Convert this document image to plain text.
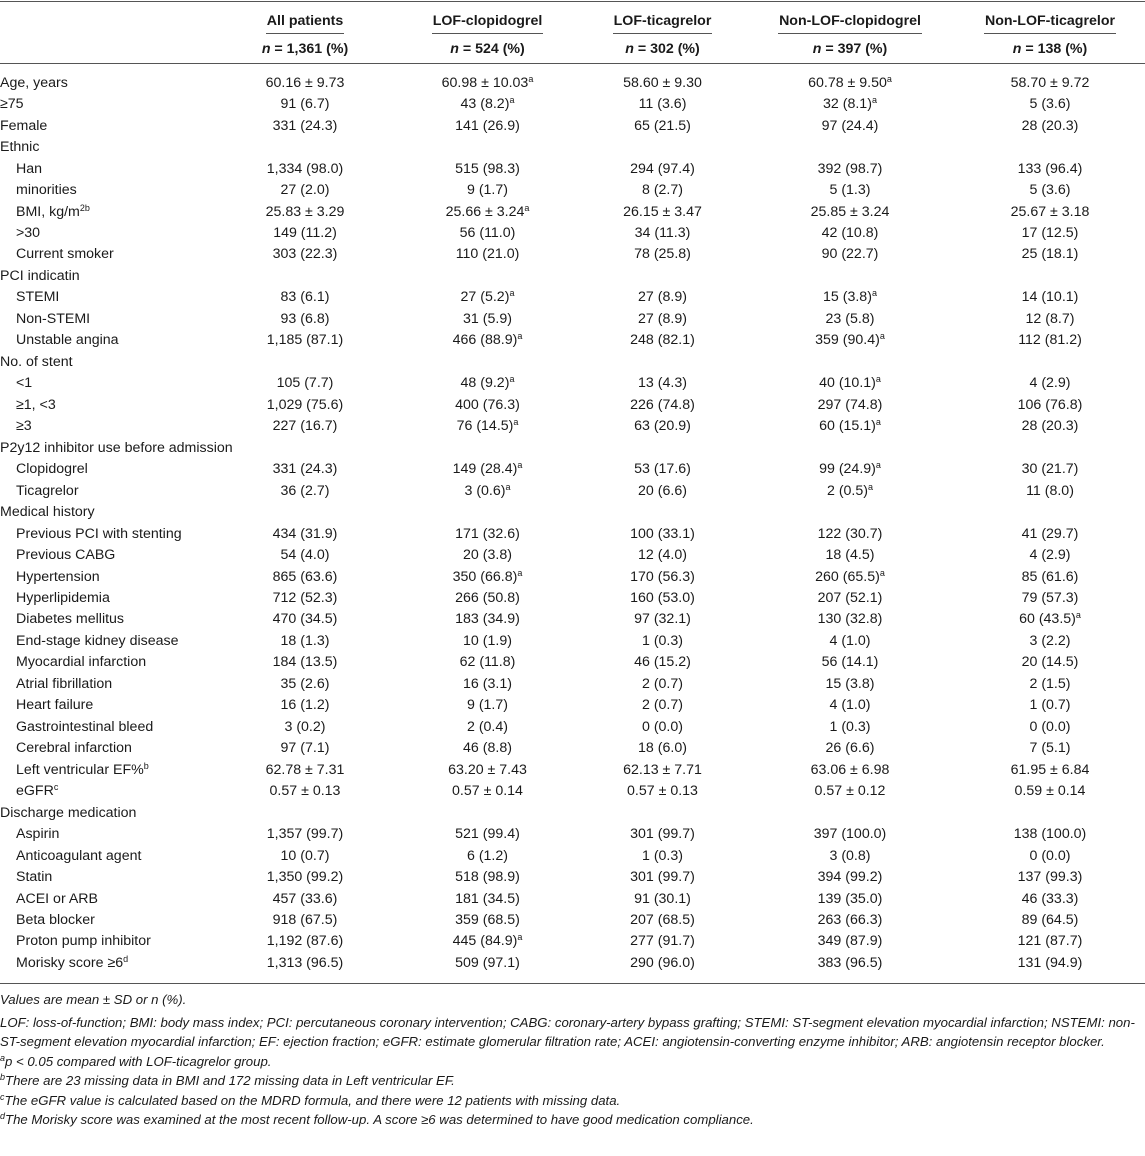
	All patients	LOF-clopidogrel	LOF-ticagrelor	Non-LOF-clopidogrel	Non-LOF-ticagrelor
	n = 1,361 (%)	n = 524 (%)	n = 302 (%)	n = 397 (%)	n = 138 (%)

Age, years	60.16 ± 9.73	60.98 ± 10.03$^a$	58.60 ± 9.30	60.78 ± 9.50$^a$	58.70 ± 9.72
≥75	91 (6.7)	43 $(8.2)^a$	11 (3.6)	32 $(8.1)^a$	5 (3.6)
Female	331 (24.3)	141 (26.9)	65 (21.5)	97 (24.4)	28 (20.3)
Ethnic					
Han	1,334 (98.0)	515 (98.3)	294 (97.4)	392 (98.7)	133 (96.4)
minorities	27 (2.0)	9 (1.7)	8 (2.7)	5 (1.3)	5 (3.6)
BMI, $kg/m^{2b}$	25.83 ± 3.29	25.66 ± 3.24$^a$	26.15 ± 3.47	25.85 ± 3.24	25.67 ± 3.18
>30	149 (11.2)	56 (11.0)	34 (11.3)	42 (10.8)	17 (12.5)
Current smoker	303 (22.3)	110 (21.0)	78 (25.8)	90 (22.7)	25 (18.1)
PCI indicatin					
STEMI	83 (6.1)	27 $(5.2)^a$	27 (8.9)	15 $(3.8)^a$	14 (10.1)
Non-STEMI	93 (6.8)	31 (5.9)	27 (8.9)	23 (5.8)	12 (8.7)
Unstable angina	1,185 (87.1)	466 $(88.9)^a$	248 (82.1)	359 $(90.4)^a$	112 (81.2)
No. of stent					
<1	105 (7.7)	48 $(9.2)^a$	13 (4.3)	40 $(10.1)^a$	4 (2.9)
≥1, <3	1,029 (75.6)	400 (76.3)	226 (74.8)	297 (74.8)	106 (76.8)
≥3	227 (16.7)	76 $(14.5)^a$	63 (20.9)	60 $(15.1)^a$	28 (20.3)
P2y12 inhibitor use before admission					
Clopidogrel	331 (24.3)	149 $(28.4)^a$	53 (17.6)	99 $(24.9)^a$	30 (21.7)
Ticagrelor	36 (2.7)	3 $(0.6)^a$	20 (6.6)	2 $(0.5)^a$	11 (8.0)
Medical history					
Previous PCI with stenting	434 (31.9)	171 (32.6)	100 (33.1)	122 (30.7)	41 (29.7)
Previous CABG	54 (4.0)	20 (3.8)	12 (4.0)	18 (4.5)	4 (2.9)
Hypertension	865 (63.6)	350 $(66.8)^a$	170 (56.3)	260 $(65.5)^a$	85 (61.6)
Hyperlipidemia	712 (52.3)	266 (50.8)	160 (53.0)	207 (52.1)	79 (57.3)
Diabetes mellitus	470 (34.5)	183 (34.9)	97 (32.1)	130 (32.8)	60 $(43.5)^a$
End-stage kidney disease	18 (1.3)	10 (1.9)	1 (0.3)	4 (1.0)	3 (2.2)
Myocardial infarction	184 (13.5)	62 (11.8)	46 (15.2)	56 (14.1)	20 (14.5)
Atrial fibrillation	35 (2.6)	16 (3.1)	2 (0.7)	15 (3.8)	2 (1.5)
Heart failure	16 (1.2)	9 (1.7)	2 (0.7)	4 (1.0)	1 (0.7)
Gastrointestinal bleed	3 (0.2)	2 (0.4)	0 (0.0)	1 (0.3)	0 (0.0)
Cerebral infarction	97 (7.1)	46 (8.8)	18 (6.0)	26 (6.6)	7 (5.1)
Left ventricular EF%$^b$	62.78 ± 7.31	63.20 ± 7.43	62.13 ± 7.71	63.06 ± 6.98	61.95 ± 6.84
eGFR$^c$	0.57 ± 0.13	0.57 ± 0.14	0.57 ± 0.13	0.57 ± 0.12	0.59 ± 0.14
Discharge medication					
Aspirin	1,357 (99.7)	521 (99.4)	301 (99.7)	397 (100.0)	138 (100.0)
Anticoagulant agent	10 (0.7)	6 (1.2)	1 (0.3)	3 (0.8)	0 (0.0)
Statin	1,350 (99.2)	518 (98.9)	301 (99.7)	394 (99.2)	137 (99.3)
ACEI or ARB	457 (33.6)	181 (34.5)	91 (30.1)	139 (35.0)	46 (33.3)
Beta blocker	918 (67.5)	359 (68.5)	207 (68.5)	263 (66.3)	89 (64.5)
Proton pump inhibitor	1,192 (87.6)	445 $(84.9)^a$	277 (91.7)	349 (87.9)	121 (87.7)
Morisky score $\ge 6^d$	1,313 (96.5)	509 (97.1)	290 (96.0)	383 (96.5)	131 (94.9)

Values are mean ± SD or n (%).

LOF: loss-of-function; BMI: body mass index; PCI: percutaneous coronary intervention; CABG: coronary-artery bypass grafting; STEMI: ST-segment elevation myocardial infarction; NSTEMI: non-ST-segment elevation myocardial infarction; EF: ejection fraction; eGFR: estimate glomerular filtration rate; ACEI: angiotensin-converting enzyme inhibitor; ARB: angiotensin receptor blocker.

$^a$p < 0.05 compared with LOF-ticagrelor group.

$^b$There are 23 missing data in BMI and 172 missing data in Left ventricular EF.

$^c$The eGFR value is calculated based on the MDRD formula, and there were 12 patients with missing data.

$^d$The Morisky score was examined at the most recent follow-up. A score ≥6 was determined to have good medication compliance.
